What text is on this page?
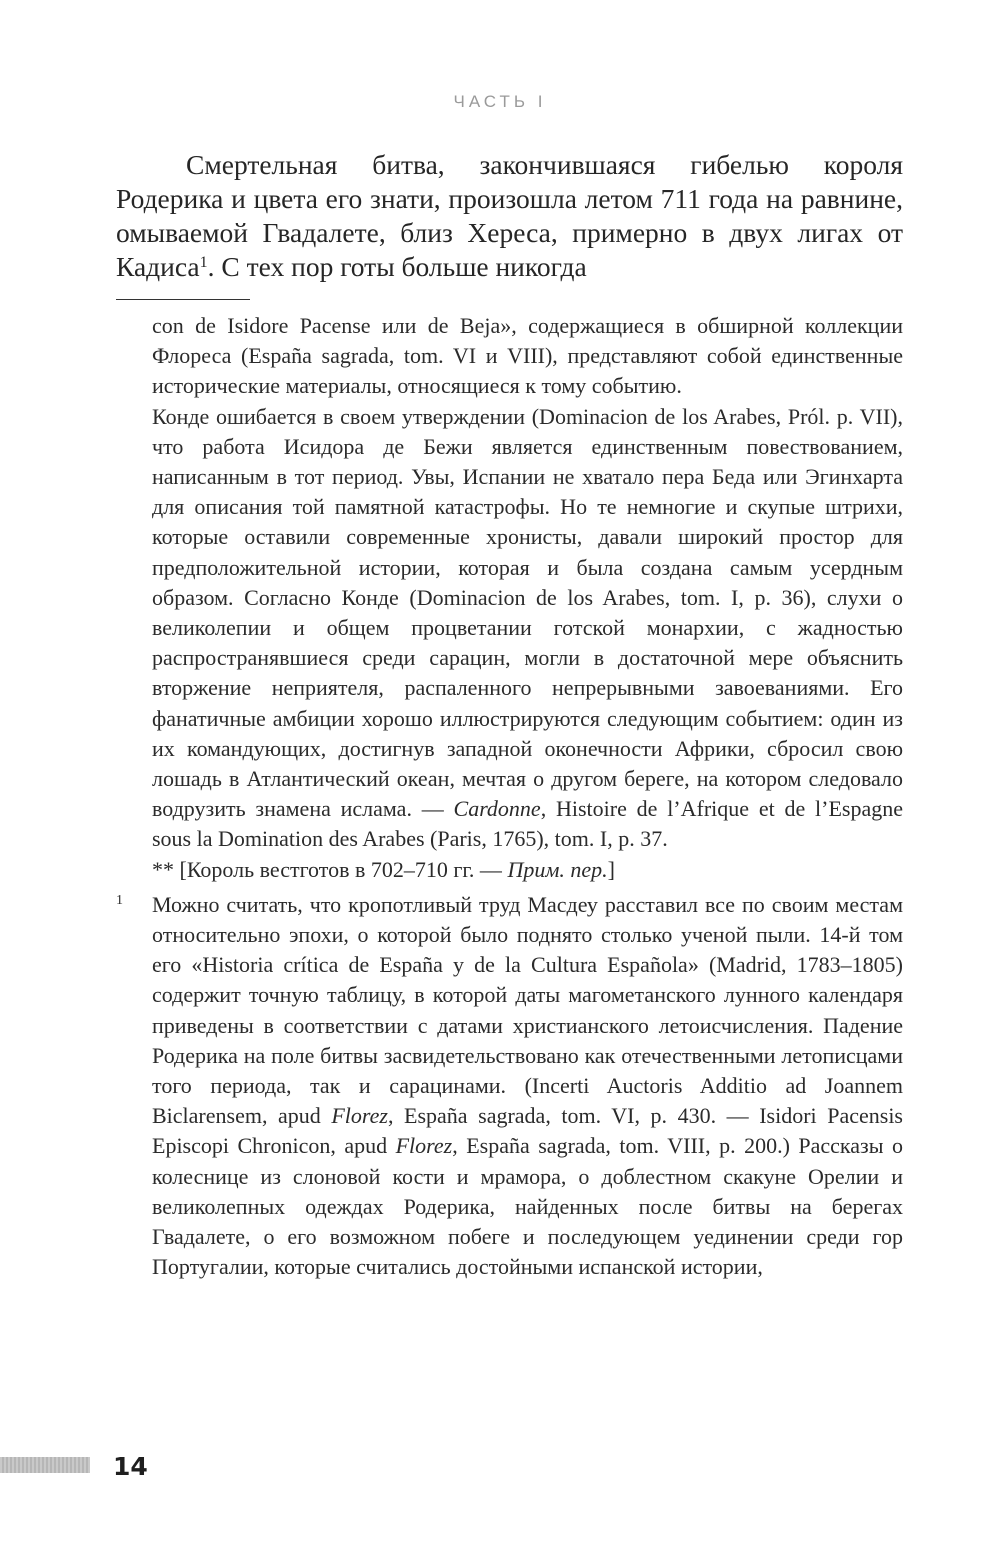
ЧАСТЬ I

Смертельная битва, закончившаяся гибелью короля Родерика и цвета его знати, произошла летом 711 года на равнине, омываемой Гвадалете, близ Хереса, примерно в двух лигах от Кадиса$^1$. С тех пор готы больше никогда

con de Isidore Pacense или de Beja», содержащиеся в обширной коллекции Флореса (España sagrada, tom. VI и VIII), представляют собой единственные исторические материалы, относящиеся к тому событию.

Конде ошибается в своем утверждении (Dominacion de los Arabes, Pról. p. VII), что работа Исидора де Бежи является единственным повествованием, написанным в тот период. Увы, Испании не хватало пера Беда или Эгинхарта для описания той памятной катастрофы. Но те немногие и скупые штрихи, которые оставили современные хронисты, давали широкий простор для предположительной истории, которая и была создана самым усердным образом. Согласно Конде (Dominacion de los Arabes, tom. I, p. 36), слухи о великолепии и общем процветании готской монархии, с жадностью распространявшиеся среди сарацин, могли в достаточной мере объяснить вторжение неприятеля, распаленного непрерывными завоеваниями. Его фанатичные амбиции хорошо иллюстрируются следующим событием: один из их командующих, достигнув западной оконечности Африки, сбросил свою лошадь в Атлантический океан, мечтая о другом береге, на котором следовало водрузить знамена ислама. — Cardonne, Histoire de l’Afrique et de l’Espagne sous la Domination des Arabes (Paris, 1765), tom. I, p. 37.

** [Король вестготов в 702–710 гг. — Прим. пер.]

1 Можно считать, что кропотливый труд Масдеу расставил все по своим местам относительно эпохи, о которой было поднято столько ученой пыли. 14-й том его «Historia crítica de España y de la Cultura Española» (Madrid, 1783–1805) содержит точную таблицу, в которой даты магометанского лунного календаря приведены в соответствии с датами христианского летоисчисления. Падение Родерика на поле битвы засвидетельствовано как отечественными летописцами того периода, так и сарацинами. (Incerti Auctoris Additio ad Joannem Biclarensem, apud Florez, España sagrada, tom. VI, p. 430. — Isidori Pacensis Episcopi Chronicon, apud Florez, España sagrada, tom. VIII, p. 200.) Рассказы о колеснице из слоновой кости и мрамора, о доблестном скакуне Орелии и великолепных одеждах Родерика, найденных после битвы на берегах Гвадалете, о его возможном побеге и последующем уединении среди гор Португалии, которые считались достойными испанской истории,

14
